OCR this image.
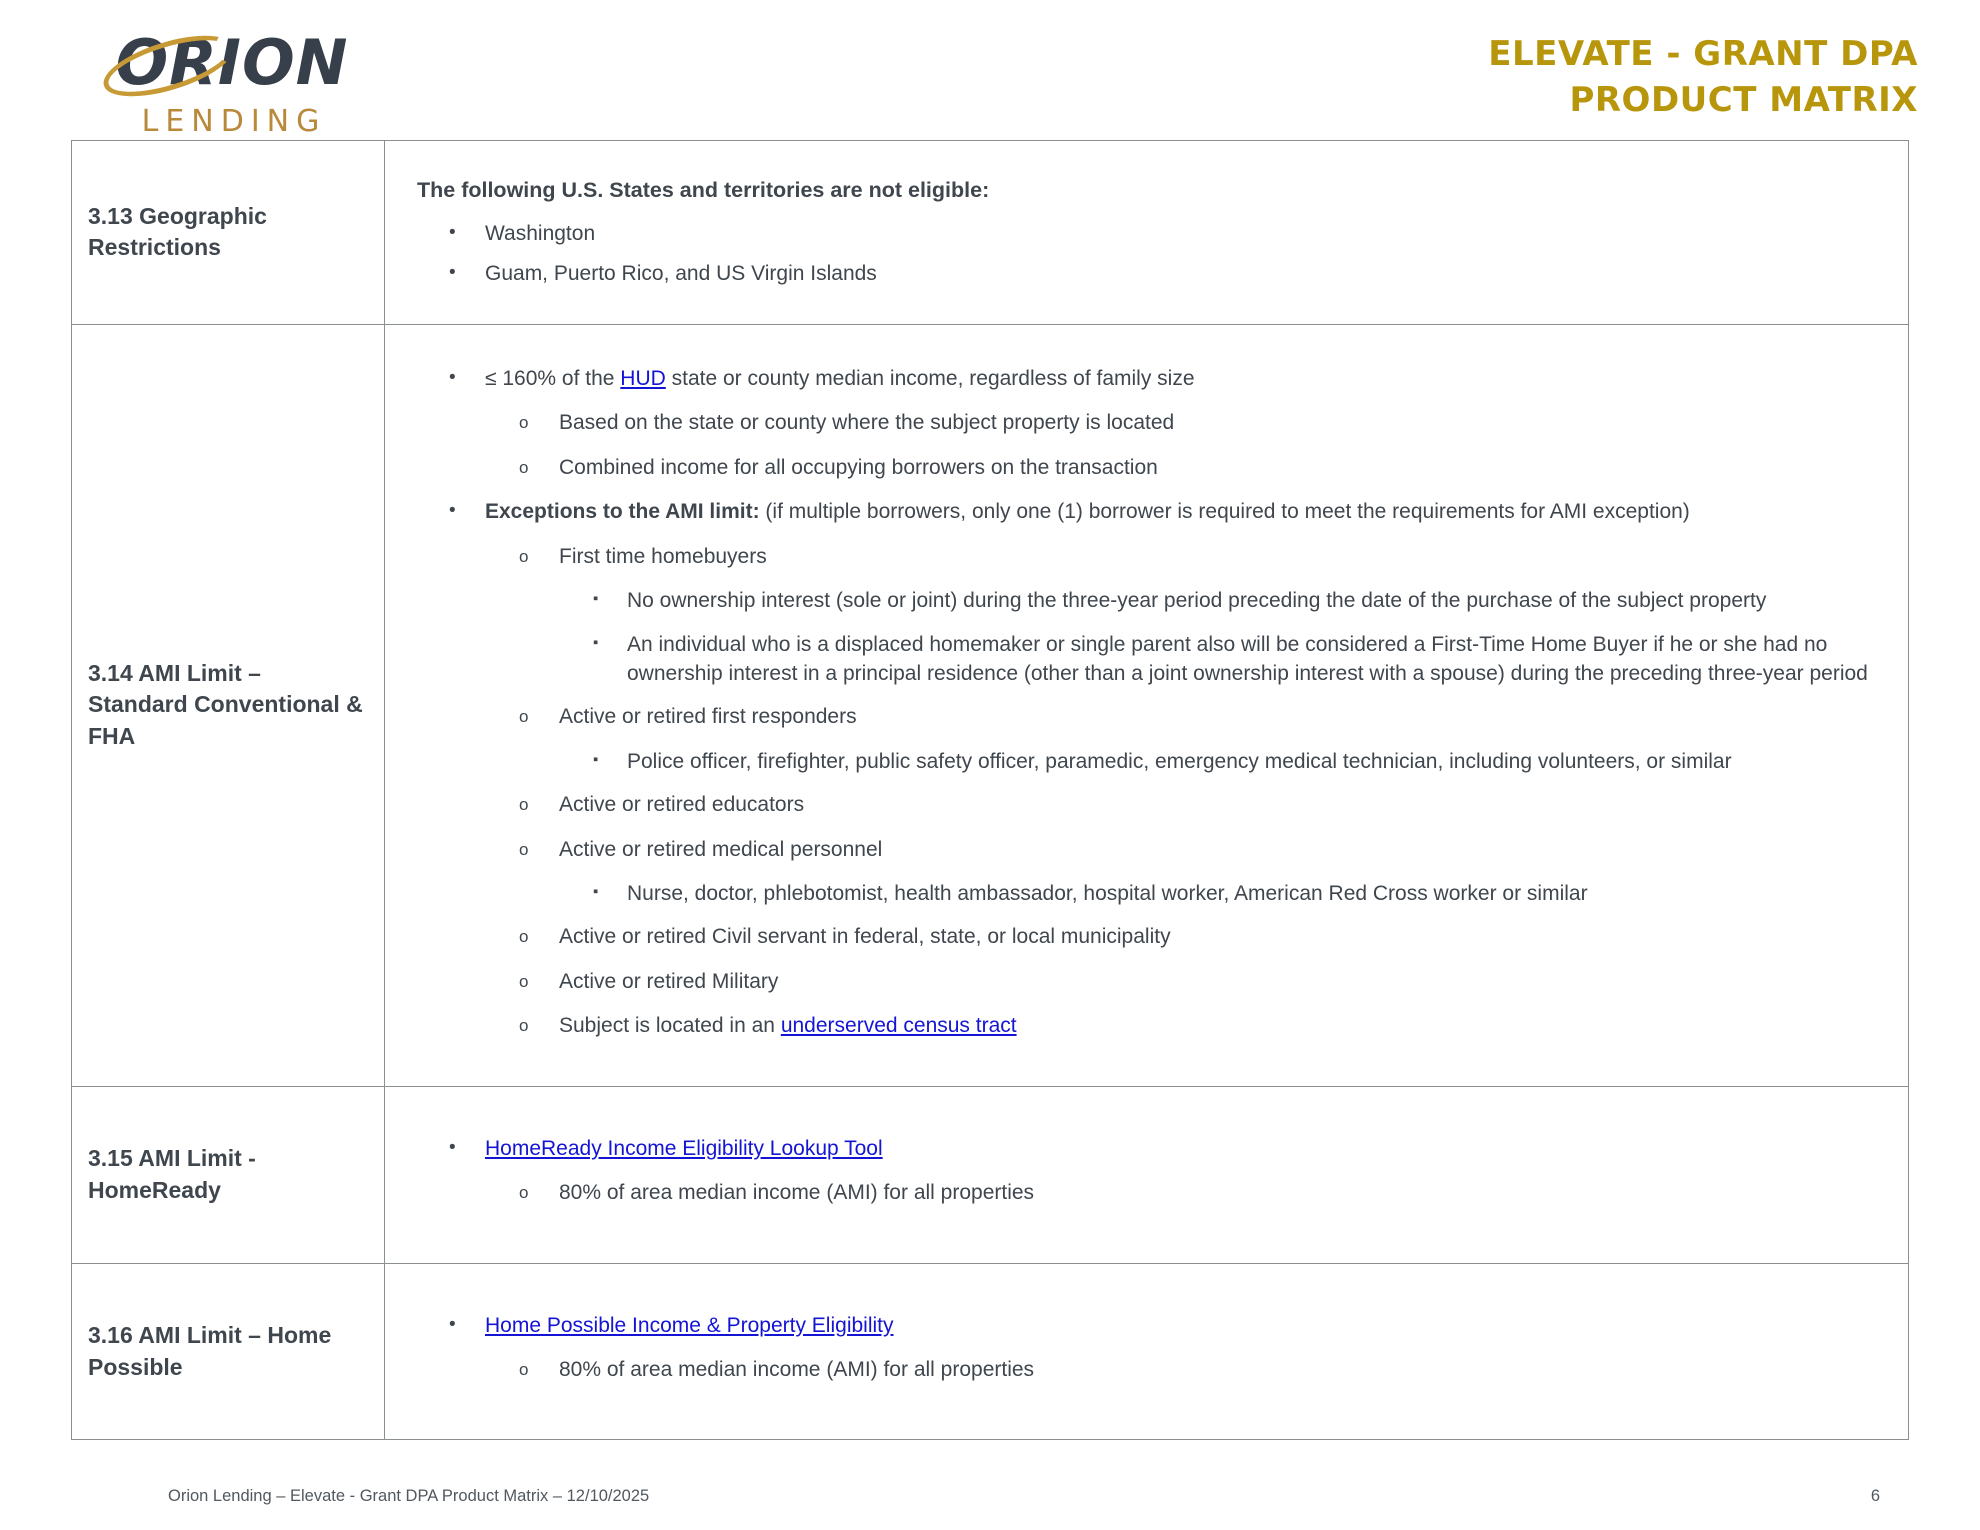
ORION
LENDING
ELEVATE - GRANT DPA
PRODUCT MATRIX
3.13 Geographic Restrictions	
The following U.S. States and territories are not eligible:
• Washington
• Guam, Puerto Rico, and US Virgin Islands

3.14 AMI Limit – Standard Conventional & FHA	
• ≤ 160% of the HUD state or county median income, regardless of family size
o Based on the state or county where the subject property is located
o Combined income for all occupying borrowers on the transaction
• Exceptions to the AMI limit: (if multiple borrowers, only one (1) borrower is required to meet the requirements for AMI exception)
o First time homebuyers
▪ No ownership interest (sole or joint) during the three-year period preceding the date of the purchase of the subject property
▪ An individual who is a displaced homemaker or single parent also will be considered a First-Time Home Buyer if he or she had no ownership interest in a principal residence (other than a joint ownership interest with a spouse) during the preceding three-year period
o Active or retired first responders
▪ Police officer, firefighter, public safety officer, paramedic, emergency medical technician, including volunteers, or similar
o Active or retired educators
o Active or retired medical personnel
▪ Nurse, doctor, phlebotomist, health ambassador, hospital worker, American Red Cross worker or similar
o Active or retired Civil servant in federal, state, or local municipality
o Active or retired Military
o Subject is located in an underserved census tract

3.15 AMI Limit - HomeReady	
• HomeReady Income Eligibility Lookup Tool
o 80% of area median income (AMI) for all properties

3.16 AMI Limit – Home Possible	
• Home Possible Income & Property Eligibility
o 80% of area median income (AMI) for all properties
Orion Lending – Elevate - Grant DPA Product Matrix – 12/10/2025	6
